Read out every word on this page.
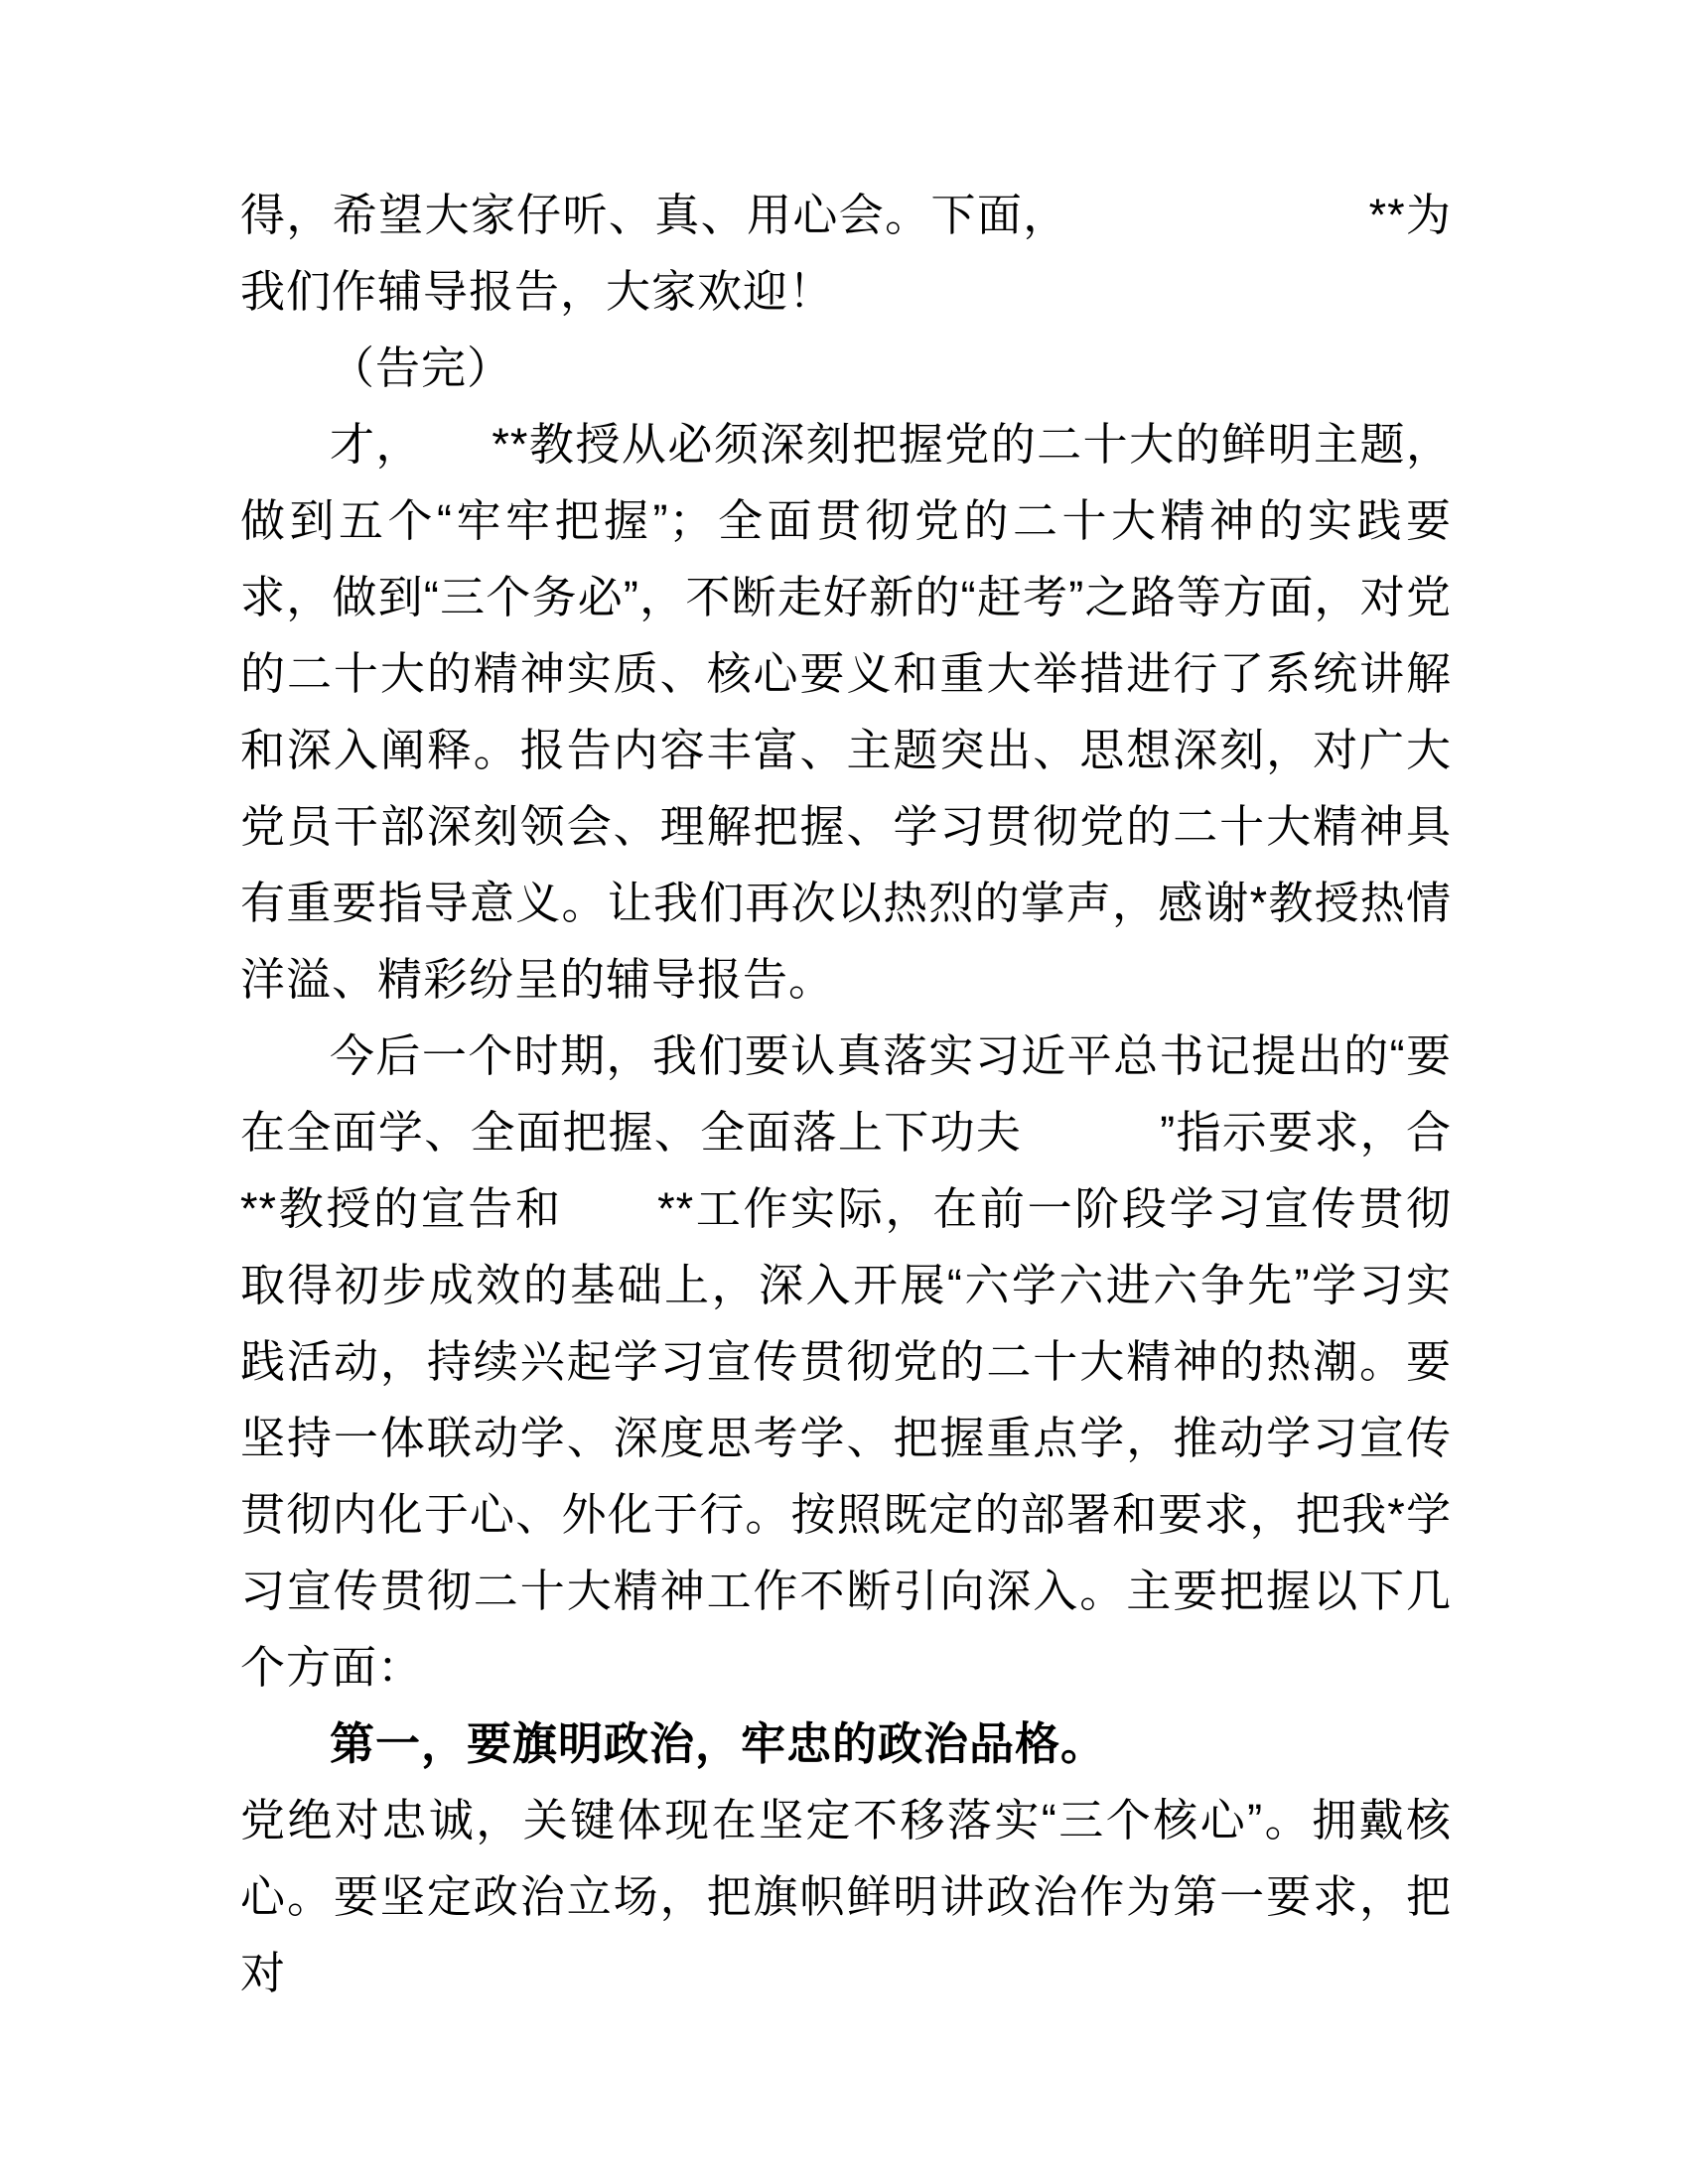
得，希望大家仔听、真、用心会。下面，　　　　　　　**为我们作辅导报告，大家欢迎！

（告完）

才，　　**教授从必须深刻把握党的二十大的鲜明主题，做到五个“牢牢把握”；全面贯彻党的二十大精神的实践要求，做到“三个务必”，不断走好新的“赶考”之路等方面，对党的二十大的精神实质、核心要义和重大举措进行了系统讲解和深入阐释。报告内容丰富、主题突出、思想深刻，对广大党员干部深刻领会、理解把握、学习贯彻党的二十大精神具有重要指导意义。让我们再次以热烈的掌声，感谢*教授热情洋溢、精彩纷呈的辅导报告。

今后一个时期，我们要认真落实习近平总书记提出的“要在全面学、全面把握、全面落上下功夫　　　”指示要求，合**教授的宣告和　　**工作实际，在前一阶段学习宣传贯彻取得初步成效的基础上，深入开展“六学六进六争先”学习实践活动，持续兴起学习宣传贯彻党的二十大精神的热潮。要坚持一体联动学、深度思考学、把握重点学，推动学习宣传贯彻内化于心、外化于行。按照既定的部署和要求，把我*学习宣传贯彻二十大精神工作不断引向深入。主要把握以下几个方面：

第一，要旗明政治，牢忠的政治品格。

党绝对忠诚，关键体现在坚定不移落实“三个核心”。拥戴核心。要坚定政治立场，把旗帜鲜明讲政治作为第一要求，把对
